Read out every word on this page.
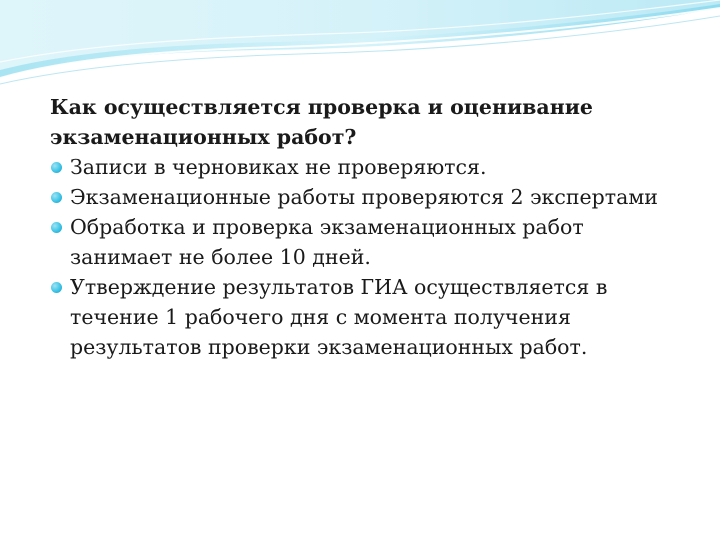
Как осуществляется проверка и оценивание экзаменационных работ?

Записи в черновиках не проверяются.
Экзаменационные работы проверяются 2 экспертами
Обработка и проверка экзаменационных работ занимает не более 10 дней.
Утверждение результатов ГИА осуществляется в течение 1 рабочего дня с момента получения результатов проверки экзаменационных работ.
